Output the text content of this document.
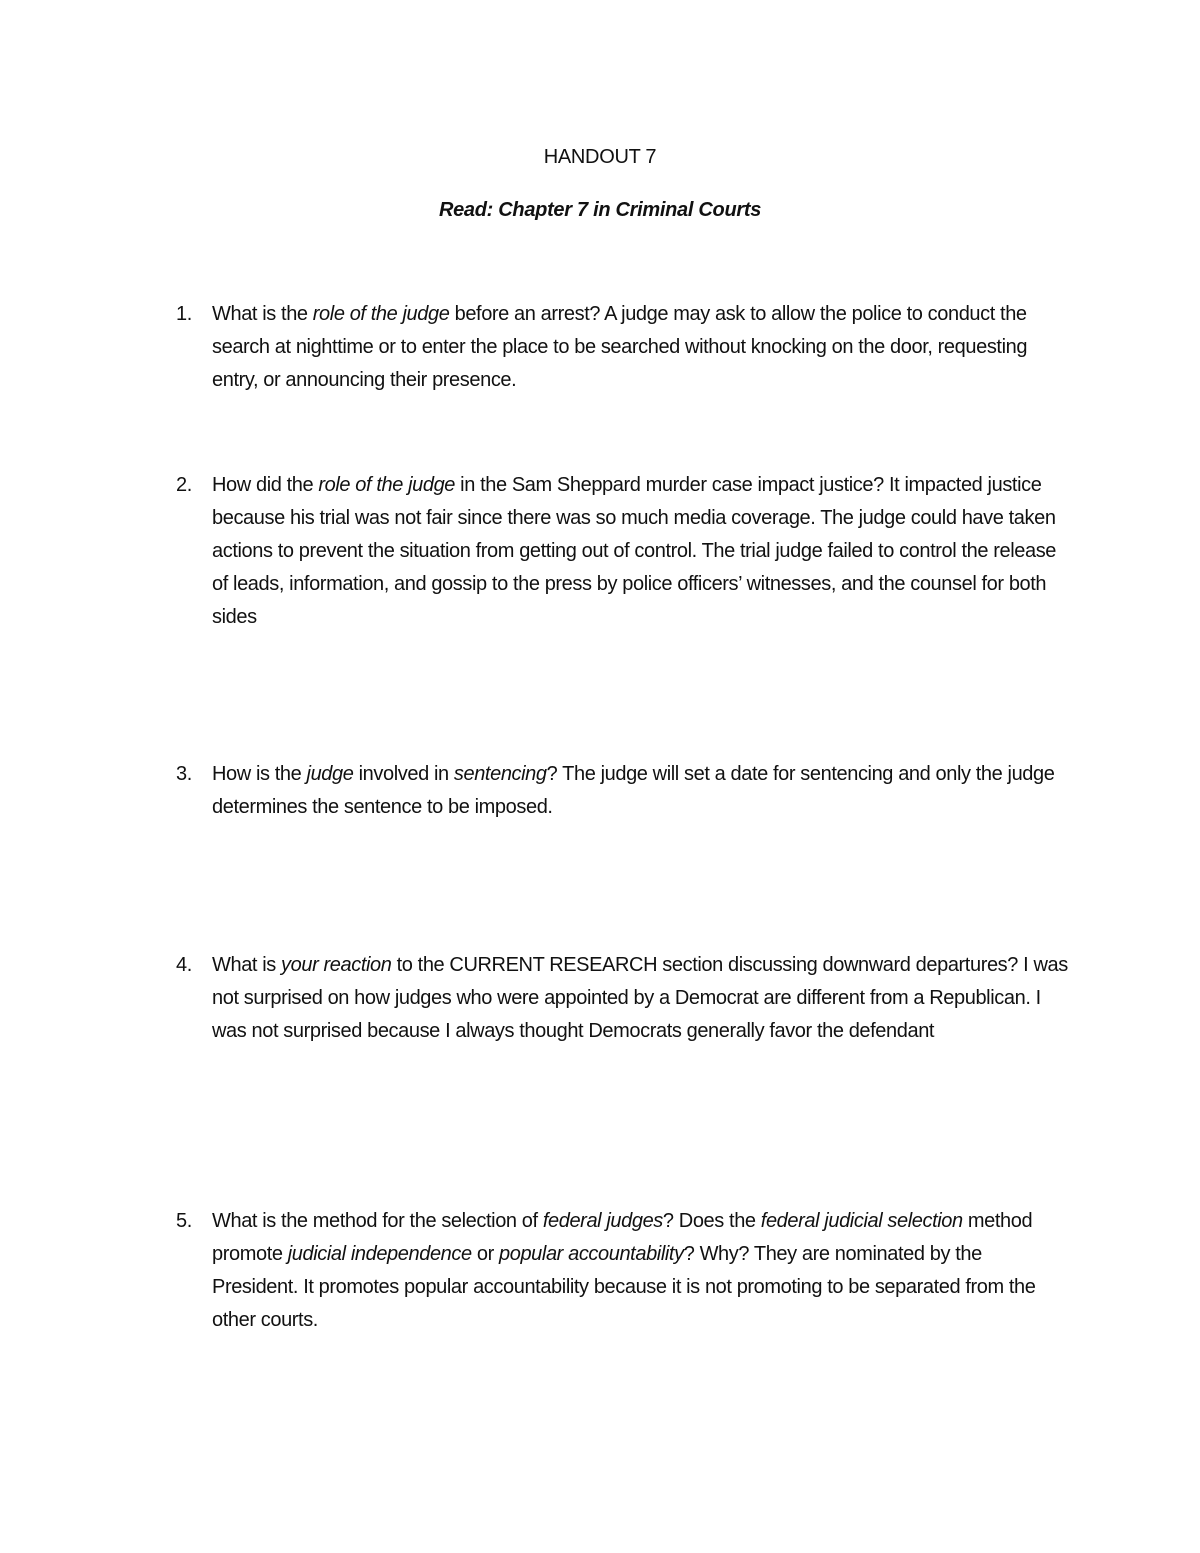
HANDOUT 7
Read: Chapter 7 in Criminal Courts
1. What is the role of the judge before an arrest? A judge may ask to allow the police to conduct the search at nighttime or to enter the place to be searched without knocking on the door, requesting entry, or announcing their presence.
2. How did the role of the judge in the Sam Sheppard murder case impact justice? It impacted justice because his trial was not fair since there was so much media coverage. The judge could have taken actions to prevent the situation from getting out of control. The trial judge failed to control the release of leads, information, and gossip to the press by police officers’ witnesses, and the counsel for both sides
3. How is the judge involved in sentencing? The judge will set a date for sentencing and only the judge determines the sentence to be imposed.
4. What is your reaction to the CURRENT RESEARCH section discussing downward departures? I was not surprised on how judges who were appointed by a Democrat are different from a Republican. I was not surprised because I always thought Democrats generally favor the defendant
5. What is the method for the selection of federal judges? Does the federal judicial selection method promote judicial independence or popular accountability? Why? They are nominated by the President. It promotes popular accountability because it is not promoting to be separated from the other courts.
